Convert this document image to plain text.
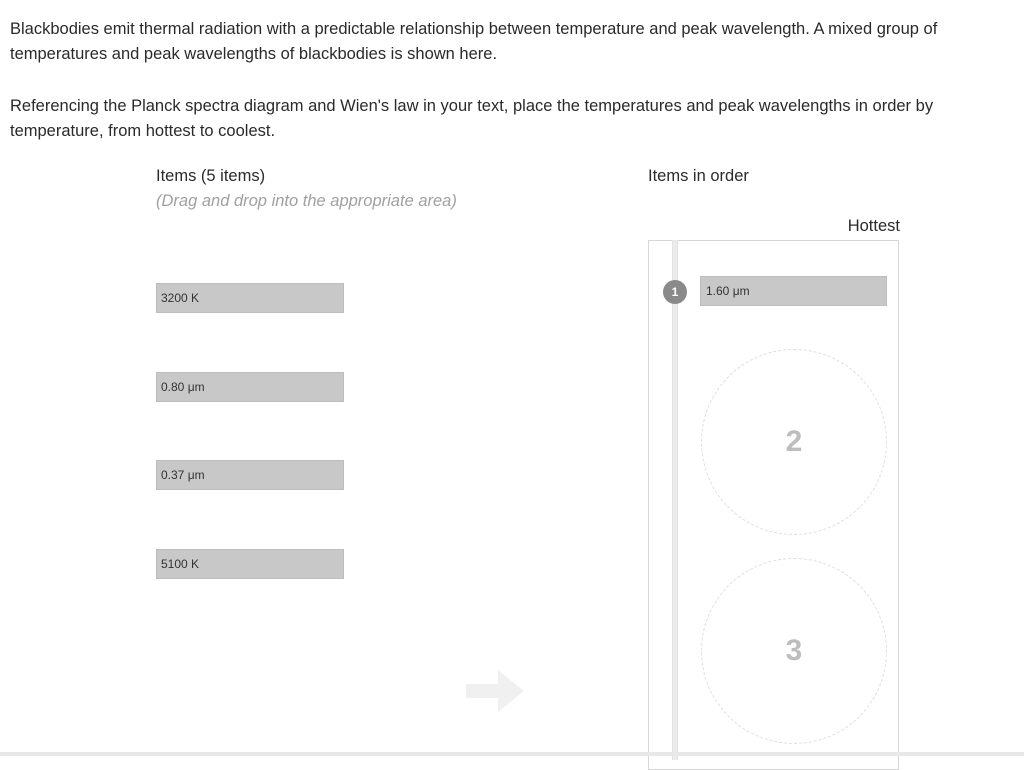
Blackbodies emit thermal radiation with a predictable relationship between temperature and peak wavelength. A mixed group of temperatures and peak wavelengths of blackbodies is shown here.

Referencing the Planck spectra diagram and Wien's law in your text, place the temperatures and peak wavelengths in order by temperature, from hottest to coolest.

Items (5 items)
(Drag and drop into the appropriate area)
3200 K
0.80 μm
0.37 μm
5100 K
Items in order
Hottest
1	1.60 μm
2
3
